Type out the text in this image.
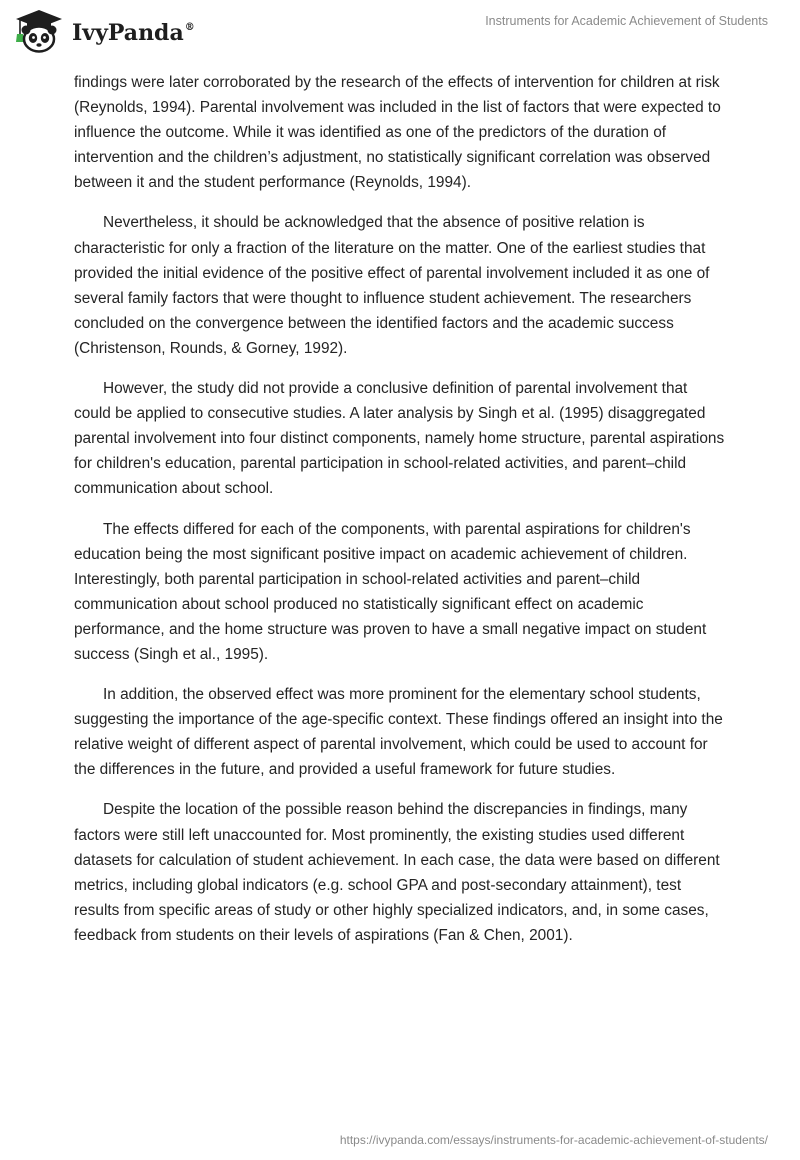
IvyPanda®	Instruments for Academic Achievement of Students

findings were later corroborated by the research of the effects of intervention for children at risk (Reynolds, 1994). Parental involvement was included in the list of factors that were expected to influence the outcome. While it was identified as one of the predictors of the duration of intervention and the children’s adjustment, no statistically significant correlation was observed between it and the student performance (Reynolds, 1994).

Nevertheless, it should be acknowledged that the absence of positive relation is characteristic for only a fraction of the literature on the matter. One of the earliest studies that provided the initial evidence of the positive effect of parental involvement included it as one of several family factors that were thought to influence student achievement. The researchers concluded on the convergence between the identified factors and the academic success (Christenson, Rounds, & Gorney, 1992).

However, the study did not provide a conclusive definition of parental involvement that could be applied to consecutive studies. A later analysis by Singh et al. (1995) disaggregated parental involvement into four distinct components, namely home structure, parental aspirations for children's education, parental participation in school-related activities, and parent–child communication about school.

The effects differed for each of the components, with parental aspirations for children's education being the most significant positive impact on academic achievement of children. Interestingly, both parental participation in school-related activities and parent–child communication about school produced no statistically significant effect on academic performance, and the home structure was proven to have a small negative impact on student success (Singh et al., 1995).

In addition, the observed effect was more prominent for the elementary school students, suggesting the importance of the age-specific context. These findings offered an insight into the relative weight of different aspect of parental involvement, which could be used to account for the differences in the future, and provided a useful framework for future studies.

Despite the location of the possible reason behind the discrepancies in findings, many factors were still left unaccounted for. Most prominently, the existing studies used different datasets for calculation of student achievement. In each case, the data were based on different metrics, including global indicators (e.g. school GPA and post-secondary attainment), test results from specific areas of study or other highly specialized indicators, and, in some cases, feedback from students on their levels of aspirations (Fan & Chen, 2001).

https://ivypanda.com/essays/instruments-for-academic-achievement-of-students/
